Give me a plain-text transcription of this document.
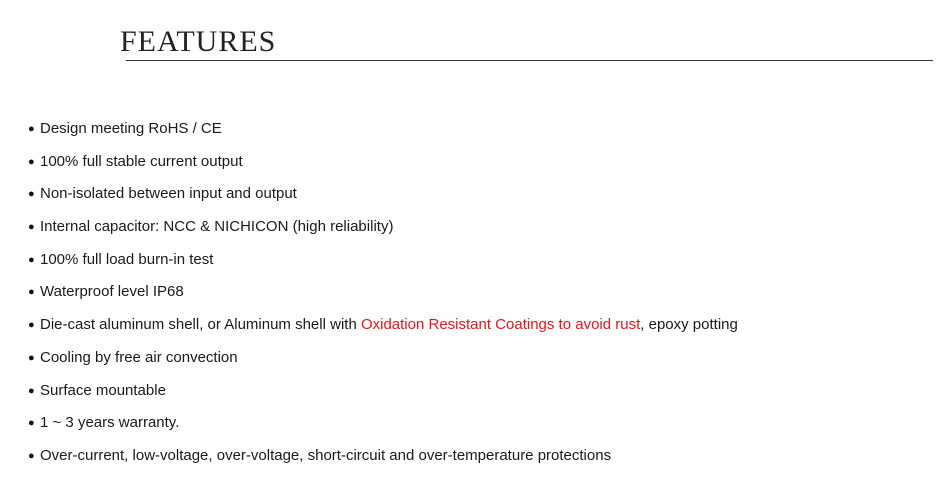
FEATURES
● Design meeting RoHS / CE
● 100% full stable current output
● Non-isolated between input and output
● Internal capacitor: NCC & NICHICON (high reliability)
● 100% full load burn-in test
● Waterproof level IP68
● Die-cast aluminum shell, or Aluminum shell with Oxidation Resistant Coatings to avoid rust, epoxy potting
● Cooling by free air convection
● Surface mountable
● 1 ~ 3 years warranty.
● Over-current, low-voltage, over-voltage, short-circuit and over-temperature protections
